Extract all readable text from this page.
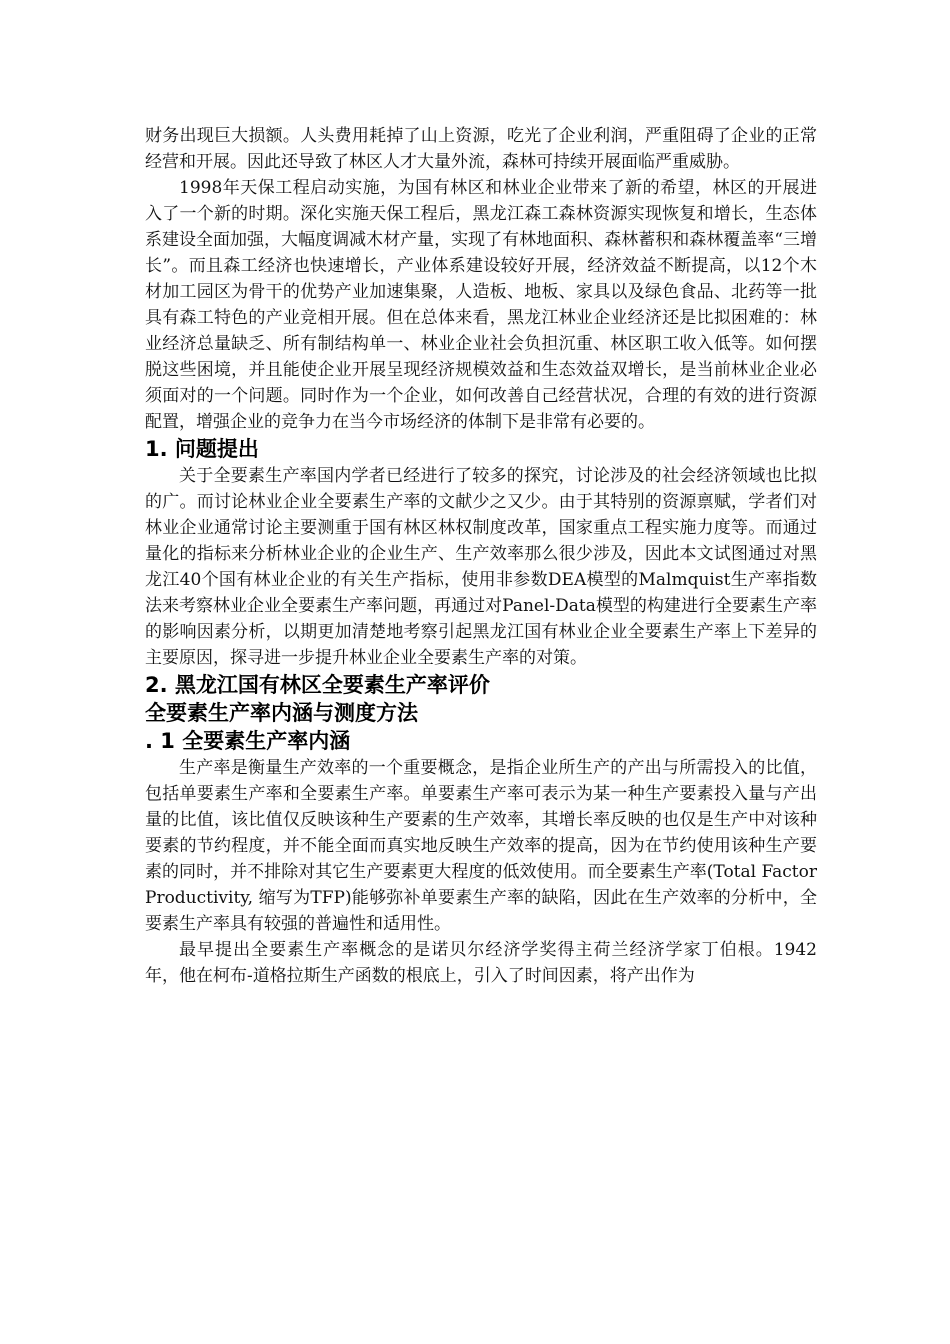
财务出现巨大损额。人头费用耗掉了山上资源，吃光了企业利润，严重阻碍了企业的正常经营和开展。因此还导致了林区人才大量外流，森林可持续开展面临严重威胁。

1998年天保工程启动实施，为国有林区和林业企业带来了新的希望，林区的开展进入了一个新的时期。深化实施天保工程后，黑龙江森工森林资源实现恢复和增长，生态体系建设全面加强，大幅度调减木材产量，实现了有林地面积、森林蓄积和森林覆盖率“三增长”。而且森工经济也快速增长，产业体系建设较好开展，经济效益不断提高，以12个木材加工园区为骨干的优势产业加速集聚，人造板、地板、家具以及绿色食品、北药等一批具有森工特色的产业竞相开展。但在总体来看，黑龙江林业企业经济还是比拟困难的：林业经济总量缺乏、所有制结构单一、林业企业社会负担沉重、林区职工收入低等。如何摆脱这些困境，并且能使企业开展呈现经济规模效益和生态效益双增长，是当前林业企业必须面对的一个问题。同时作为一个企业，如何改善自己经营状况，合理的有效的进行资源配置，增强企业的竞争力在当今市场经济的体制下是非常有必要的。

1. 问题提出

关于全要素生产率国内学者已经进行了较多的探究，讨论涉及的社会经济领域也比拟的广。而讨论林业企业全要素生产率的文献少之又少。由于其特别的资源禀赋，学者们对林业企业通常讨论主要测重于国有林区林权制度改革，国家重点工程实施力度等。而通过量化的指标来分析林业企业的企业生产、生产效率那么很少涉及，因此本文试图通过对黑龙江40个国有林业企业的有关生产指标，使用非参数DEA模型的Malmquist生产率指数法来考察林业企业全要素生产率问题，再通过对Panel-Data模型的构建进行全要素生产率的影响因素分析，以期更加清楚地考察引起黑龙江国有林业企业全要素生产率上下差异的主要原因，探寻进一步提升林业企业全要素生产率的对策。

2. 黑龙江国有林区全要素生产率评价
全要素生产率内涵与测度方法
. 1 全要素生产率内涵

生产率是衡量生产效率的一个重要概念，是指企业所生产的产出与所需投入的比值，包括单要素生产率和全要素生产率。单要素生产率可表示为某一种生产要素投入量与产出量的比值，该比值仅反映该种生产要素的生产效率，其增长率反映的也仅是生产中对该种要素的节约程度，并不能全面而真实地反映生产效率的提高，因为在节约使用该种生产要素的同时，并不排除对其它生产要素更大程度的低效使用。而全要素生产率(Total Factor Productivity, 缩写为TFP)能够弥补单要素生产率的缺陷，因此在生产效率的分析中，全要素生产率具有较强的普遍性和适用性。

最早提出全要素生产率概念的是诺贝尔经济学奖得主荷兰经济学家丁伯根。1942年，他在柯布-道格拉斯生产函数的根底上，引入了时间因素，将产出作为
